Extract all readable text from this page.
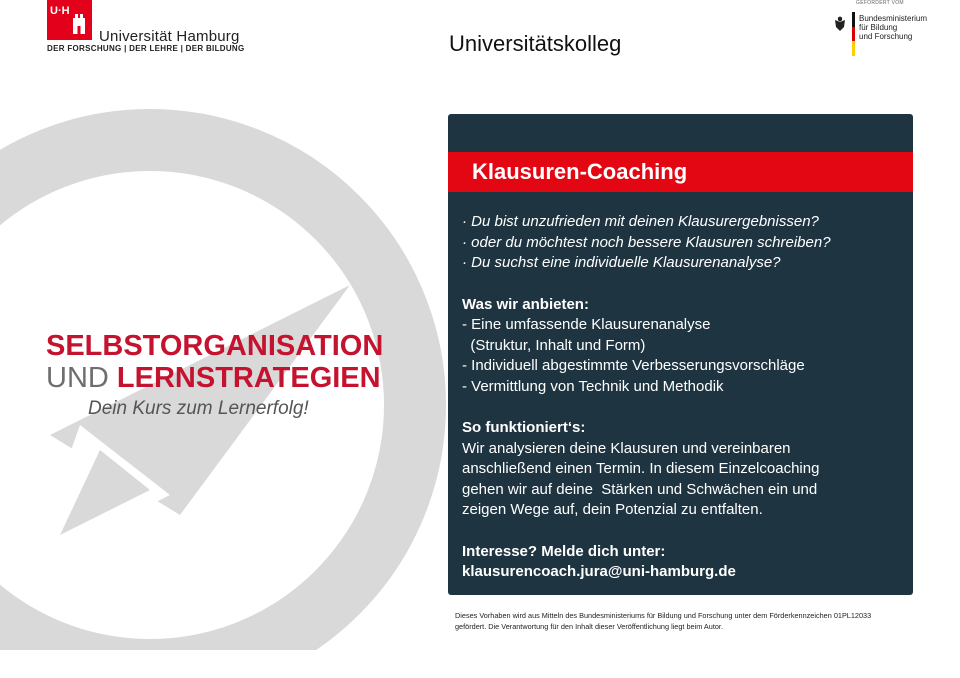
U·H
Universität Hamburg
DER FORSCHUNG | DER LEHRE | DER BILDUNG	Universitätskolleg
GEFÖRDERT VOM
Bundesministerium
für Bildung
und Forschung
SELBSTORGANISATION
UND LERNSTRATEGIEN
Dein Kurs zum Lernerfolg!
Klausuren-Coaching
· Du bist unzufrieden mit deinen Klausurergebnissen?
· oder du möchtest noch bessere Klausuren schreiben?
· Du suchst eine individuelle Klausurenanalyse?
Was wir anbieten:
- Eine umfassende Klausurenanalyse
(Struktur, Inhalt und Form)
- Individuell abgestimmte Verbesserungsvorschläge
- Vermittlung von Technik und Methodik
So funktioniert‘s:
Wir analysieren deine Klausuren und vereinbaren
anschließend einen Termin. In diesem Einzelcoaching
gehen wir auf deine  Stärken und Schwächen ein und
zeigen Wege auf, dein Potenzial zu entfalten.
Interesse? Melde dich unter:
klausurencoach.jura@uni-hamburg.de
Dieses Vorhaben wird aus Mitteln des Bundesministeriums für Bildung und Forschung unter dem Förderkennzeichen 01PL12033
gefördert. Die Verantwortung für den Inhalt dieser Veröffentlichung liegt beim Autor.
